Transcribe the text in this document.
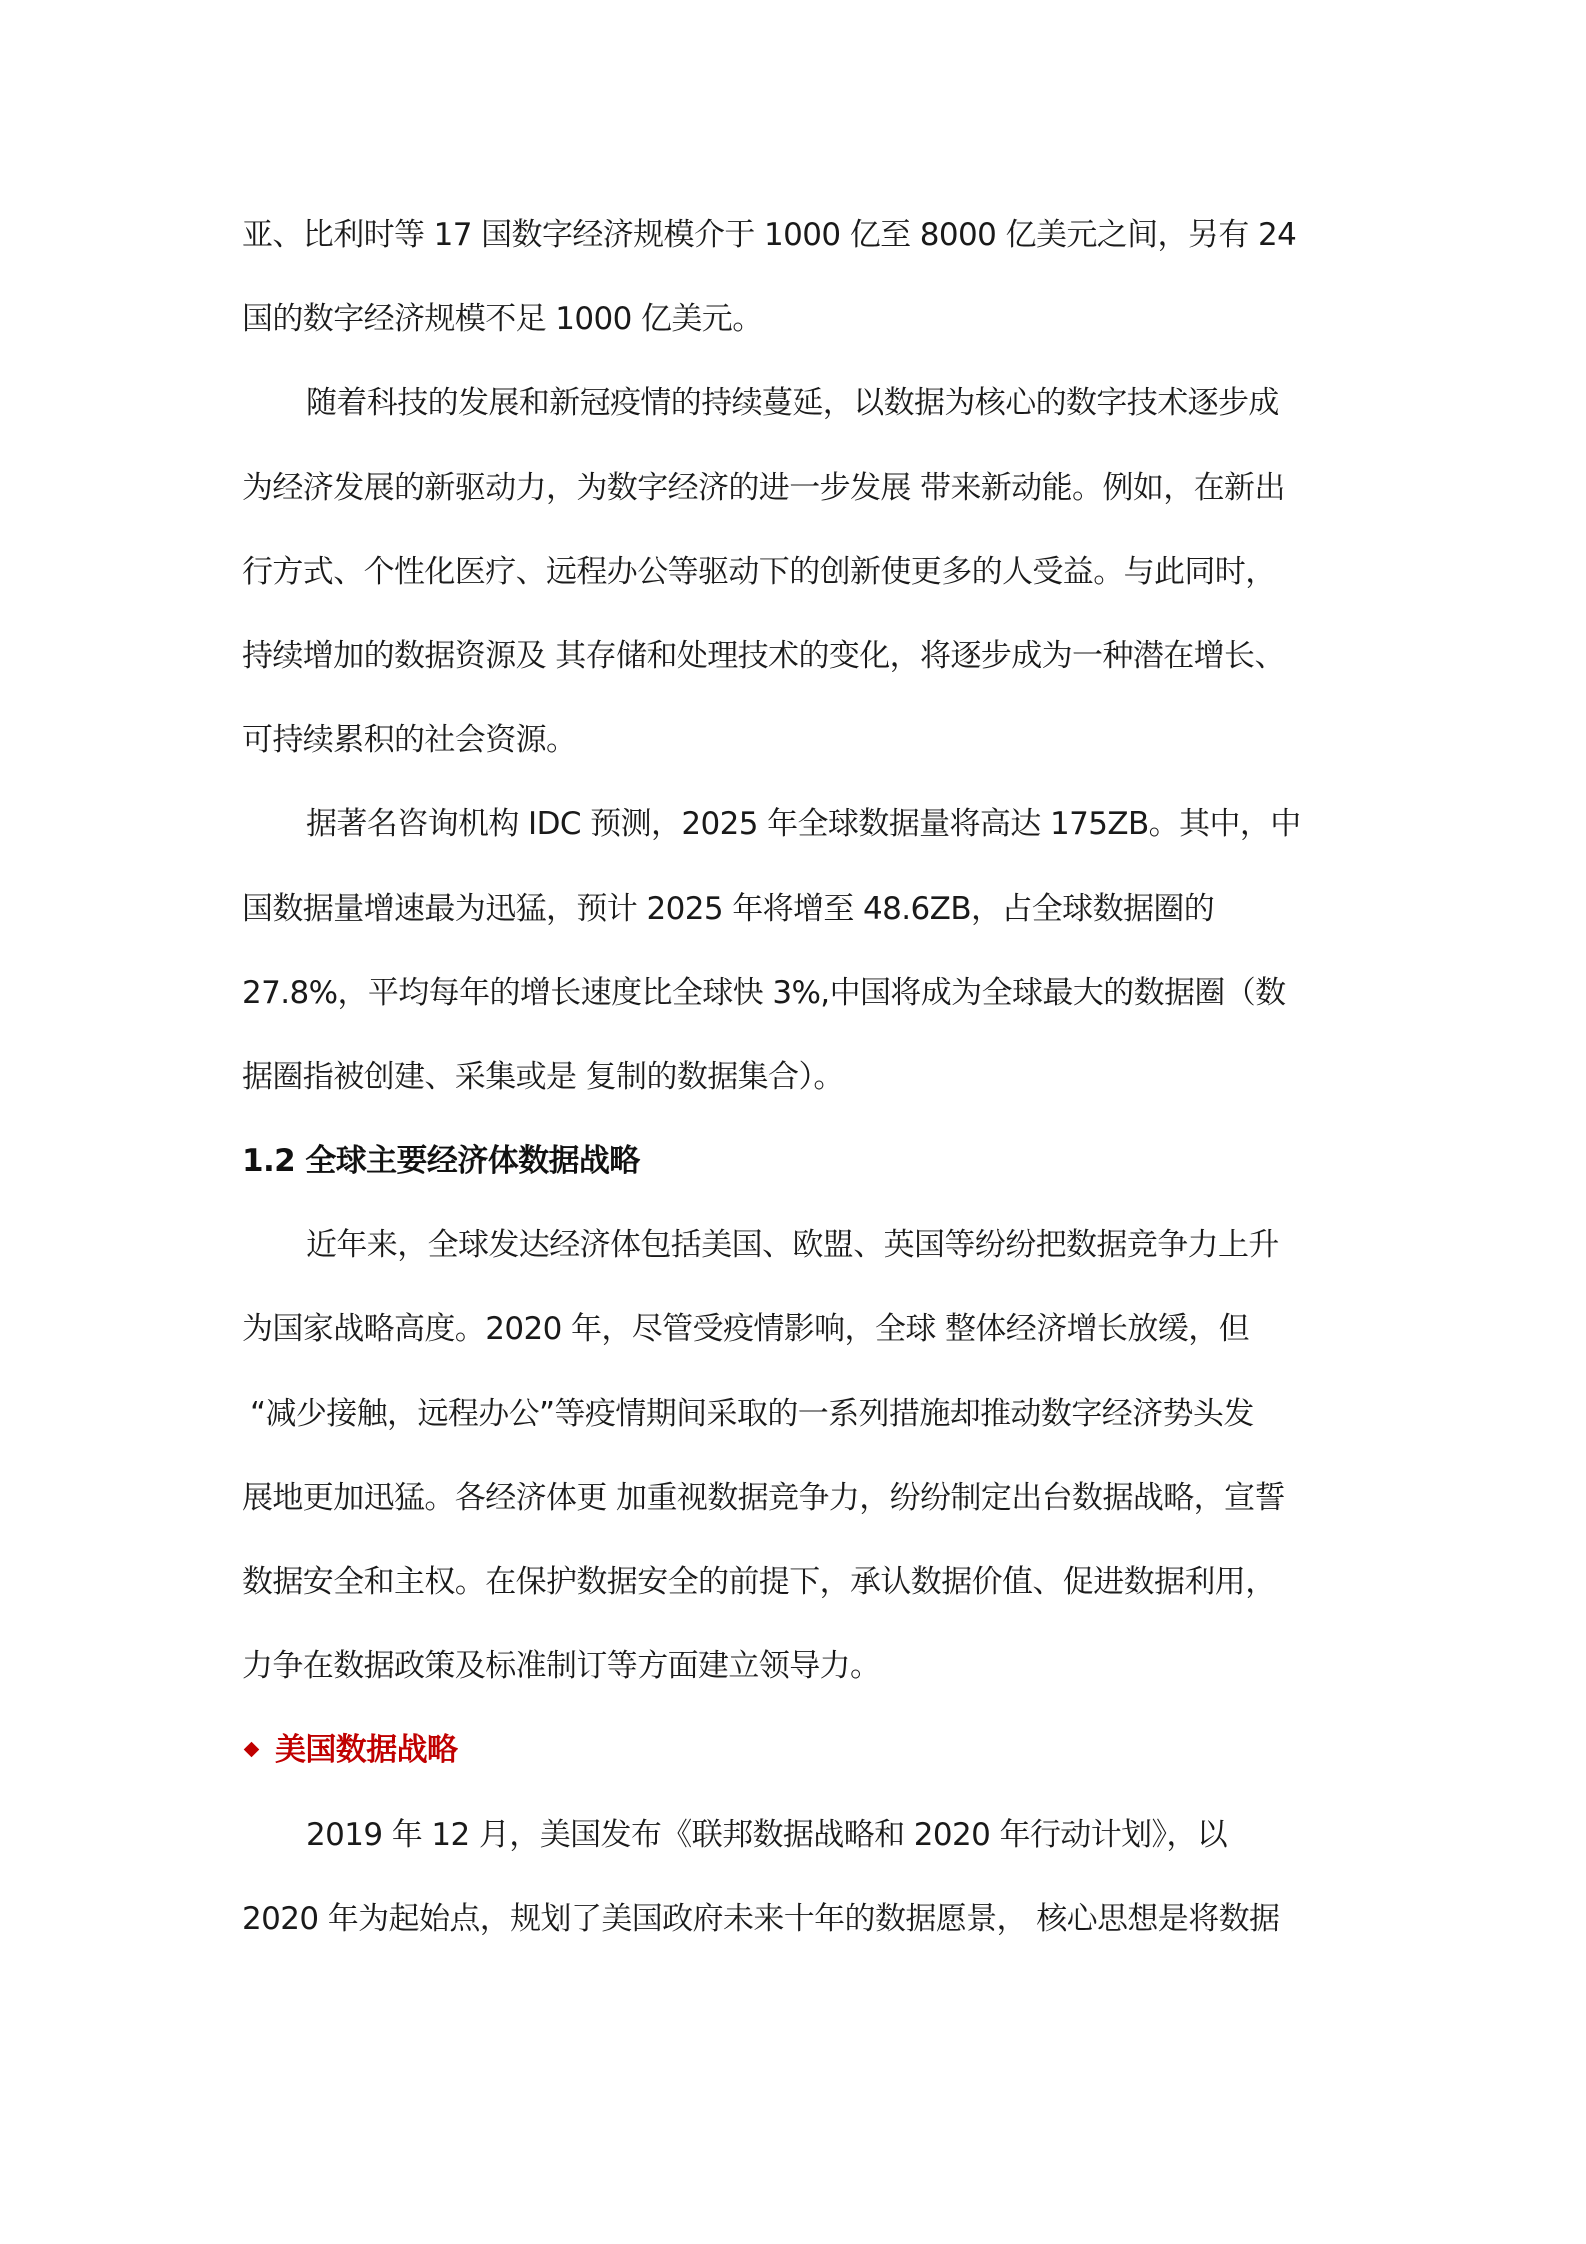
亚、比利时等 17 国数字经济规模介于 1000 亿至 8000 亿美元之间，另有 24
国的数字经济规模不足 1000 亿美元。
随着科技的发展和新冠疫情的持续蔓延，以数据为核心的数字技术逐步成
为经济发展的新驱动力，为数字经济的进一步发展 带来新动能。例如，在新出
行方式、个性化医疗、远程办公等驱动下的创新使更多的人受益。与此同时，
持续增加的数据资源及 其存储和处理技术的变化，将逐步成为一种潜在增长、
可持续累积的社会资源。
据著名咨询机构 IDC 预测，2025 年全球数据量将高达 175ZB。其中，中
国数据量增速最为迅猛，预计 2025 年将增至 48.6ZB，占全球数据圈的
27.8%，平均每年的增长速度比全球快 3%,中国将成为全球最大的数据圈（数
据圈指被创建、采集或是 复制的数据集合）。
1.2 全球主要经济体数据战略
近年来，全球发达经济体包括美国、欧盟、英国等纷纷把数据竞争力上升
为国家战略高度。2020 年，尽管受疫情影响，全球 整体经济增长放缓，但
“减少接触，远程办公”等疫情期间采取的一系列措施却推动数字经济势头发
展地更加迅猛。各经济体更 加重视数据竞争力，纷纷制定出台数据战略，宣誓
数据安全和主权。在保护数据安全的前提下，承认数据价值、促进数据利用，
力争在数据政策及标准制订等方面建立领导力。
美国数据战略
2019 年 12 月，美国发布《联邦数据战略和 2020 年行动计划》，以
2020 年为起始点，规划了美国政府未来十年的数据愿景， 核心思想是将数据
